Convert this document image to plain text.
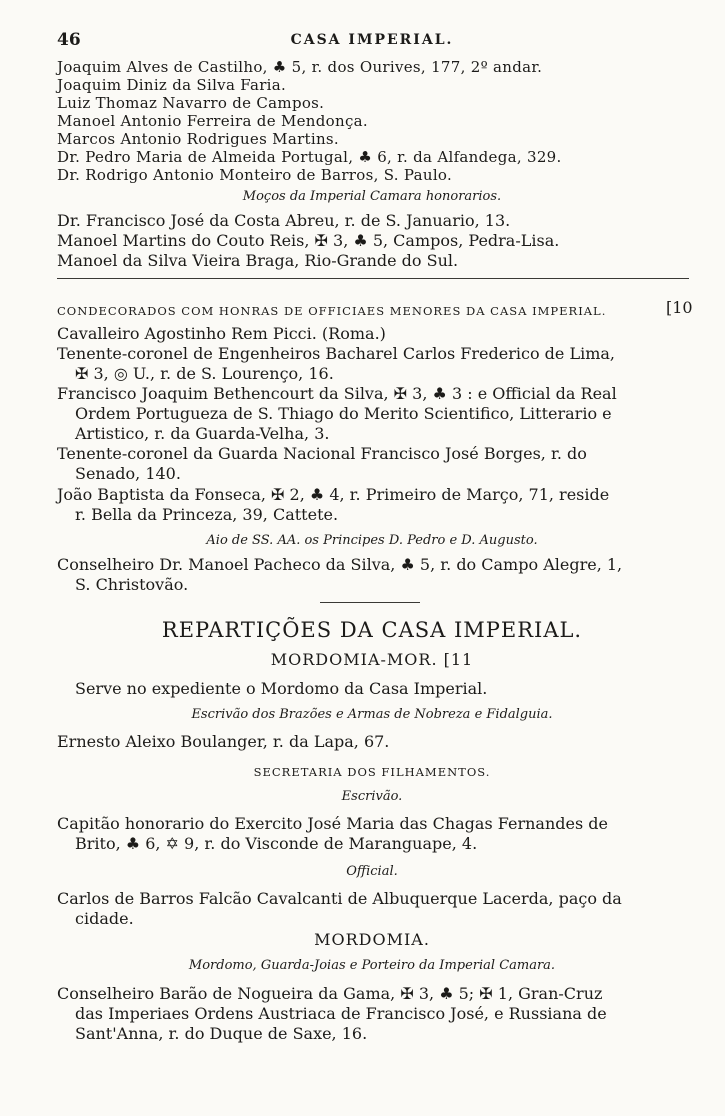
46	CASA IMPERIAL.
Joaquim Alves de Castilho, ♣ 5, r. dos Ourives, 177, 2º andar.
Joaquim Diniz da Silva Faria.
Luiz Thomaz Navarro de Campos.
Manoel Antonio Ferreira de Mendonça.
Marcos Antonio Rodrigues Martins.
Dr. Pedro Maria de Almeida Portugal, ♣ 6, r. da Alfandega, 329.
Dr. Rodrigo Antonio Monteiro de Barros, S. Paulo.
Moços da Imperial Camara honorarios.
Dr. Francisco José da Costa Abreu, r. de S. Januario, 13.
Manoel Martins do Couto Reis, ✠ 3, ♣ 5, Campos, Pedra-Lisa.
Manoel da Silva Vieira Braga, Rio-Grande do Sul.
CONDECORADOS COM HONRAS DE OFFICIAES MENORES DA CASA IMPERIAL.	[10
Cavalleiro Agostinho Rem Picci. (Roma.)
Tenente-coronel de Engenheiros Bacharel Carlos Frederico de Lima,
✠ 3, ◎ U., r. de S. Lourenço, 16.
Francisco Joaquim Bethencourt da Silva, ✠ 3, ♣ 3 : e Official da Real
Ordem Portugueza de S. Thiago do Merito Scientifico, Litterario e
Artistico, r. da Guarda-Velha, 3.
Tenente-coronel da Guarda Nacional Francisco José Borges, r. do
Senado, 140.
João Baptista da Fonseca, ✠ 2, ♣ 4, r. Primeiro de Março, 71, reside
r. Bella da Princeza, 39, Cattete.
Aio de SS. AA. os Principes D. Pedro e D. Augusto.
Conselheiro Dr. Manoel Pacheco da Silva, ♣ 5, r. do Campo Alegre, 1,
S. Christovão.
REPARTIÇÕES DA CASA IMPERIAL.
MORDOMIA-MOR. [11
Serve no expediente o Mordomo da Casa Imperial.
Escrivão dos Brazões e Armas de Nobreza e Fidalguia.
Ernesto Aleixo Boulanger, r. da Lapa, 67.
SECRETARIA DOS FILHAMENTOS.
Escrivão.
Capitão honorario do Exercito José Maria das Chagas Fernandes de
Brito, ♣ 6, ✡ 9, r. do Visconde de Maranguape, 4.
Official.
Carlos de Barros Falcão Cavalcanti de Albuquerque Lacerda, paço da
cidade.
MORDOMIA.
Mordomo, Guarda-Joias e Porteiro da Imperial Camara.
Conselheiro Barão de Nogueira da Gama, ✠ 3, ♣ 5; ✠ 1, Gran-Cruz
das Imperiaes Ordens Austriaca de Francisco José, e Russiana de
Sant'Anna, r. do Duque de Saxe, 16.
